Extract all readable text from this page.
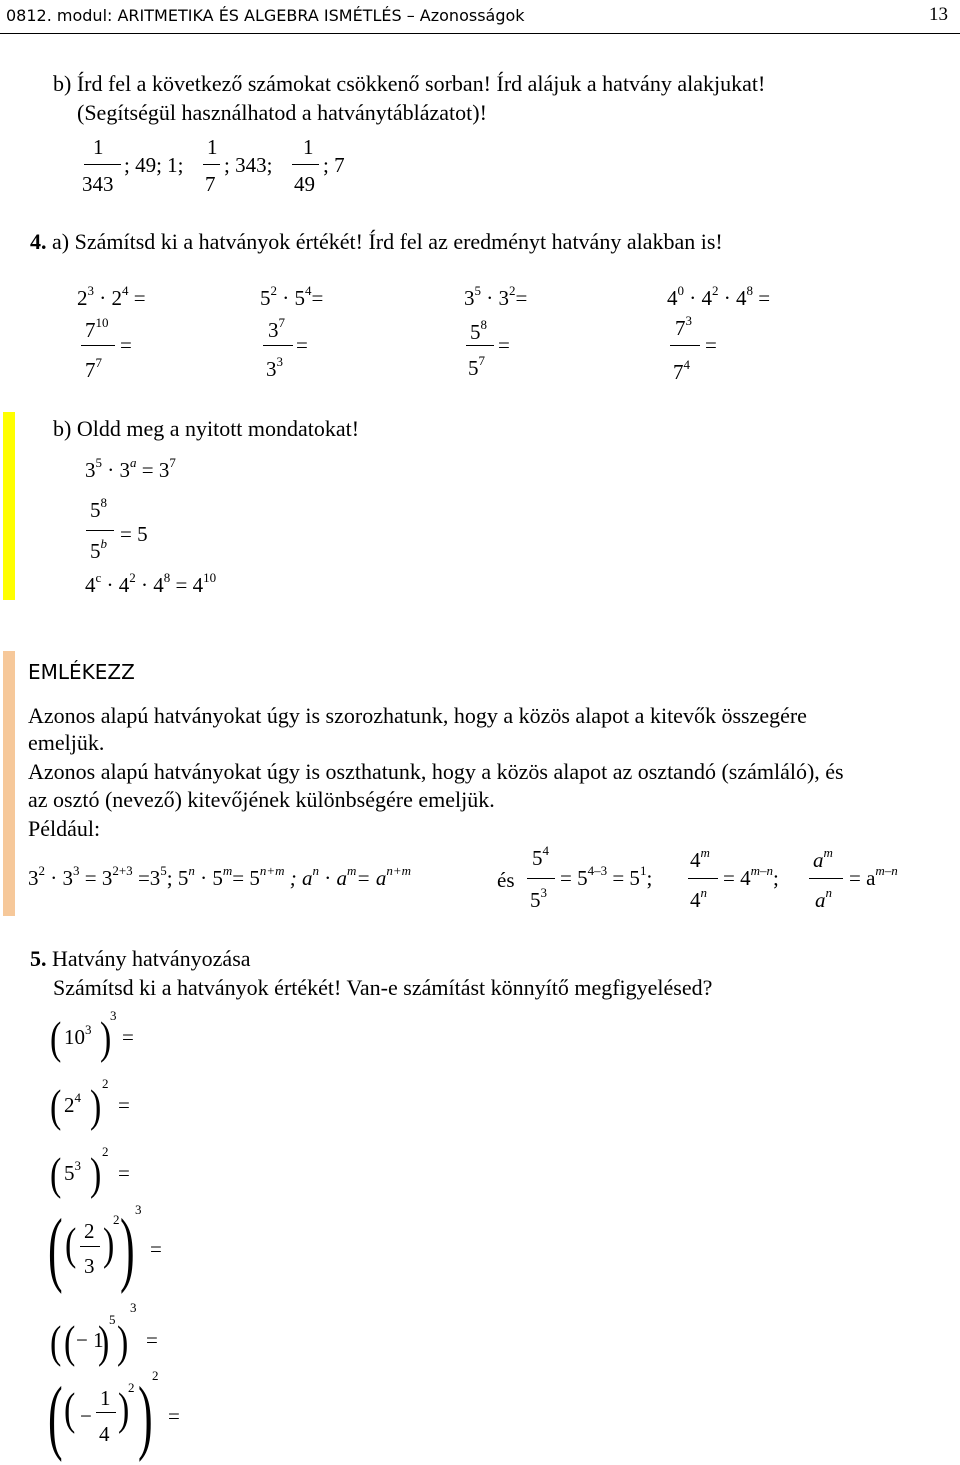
0812. modul: ARITMETIKA ÉS ALGEBRA ISMÉTLÉS – Azonosságok	13
b) Írd fel a következő számokat csökkenő sorban! Írd alájuk a hatvány alakjukat!
(Segítségül használhatod a hatványtáblázatot)!
1
343
; 49; 1;
1
7
; 343;
1
49
; 7
4. a) Számítsd ki a hatványok értékét! Írd fel az eredményt hatvány alakban is!
$2^3 \cdot 2^4$ =	$5^2 \cdot 5^4=$	$3^5 \cdot 3^2=$	$4^0 \cdot 4^2 \cdot 4^8$ =
$7^{10}$
$7^7$
=
$3^7$
$3^3$
=
$5^8$
$5^7$
=
$7^3$
$7^4$
=
b) Oldd meg a nyitott mondatokat!
$3^5 \cdot 3^a = 3^7$
$5^8$
$5^b = 5$
$4^c \cdot 4^2 \cdot 4^8 = 4^{10}$
EMLÉKEZZ
Azonos alapú hatványokat úgy is szorozhatunk, hogy a közös alapot a kitevők összegére
emeljük.
Azonos alapú hatványokat úgy is oszthatunk, hogy a közös alapot az osztandó (számláló), és
az osztó (nevező) kitevőjének különbségére emeljük.
Például:
$3^2 \cdot 3^3 = 3^{2+3} =3^5$; $5^n \cdot 5^m= 5^{n+m}$ ; $a^n \cdot a^m= a^{n+m}$	és
$5^4$
$5^3$
= $5^{4-3} = 5^1$;
4$^m$
$4^n$
= $4^{m-n}$;
$a^m$
$a^n$
= $a^{m-n}$
5. Hatvány hatványozása
Számítsd ki a hatványok értékét! Van-e számítást könnyítő megfigyelésed?
( $10^3$ )
3
=
( $2^4$ ) 2
=
( $5^3$ ) 2
=
( ( 2
3 )
2 ) 3
=
( ( − 1
) 5 )
3
=
( ( −
1
4 )
2 ) 2
=
